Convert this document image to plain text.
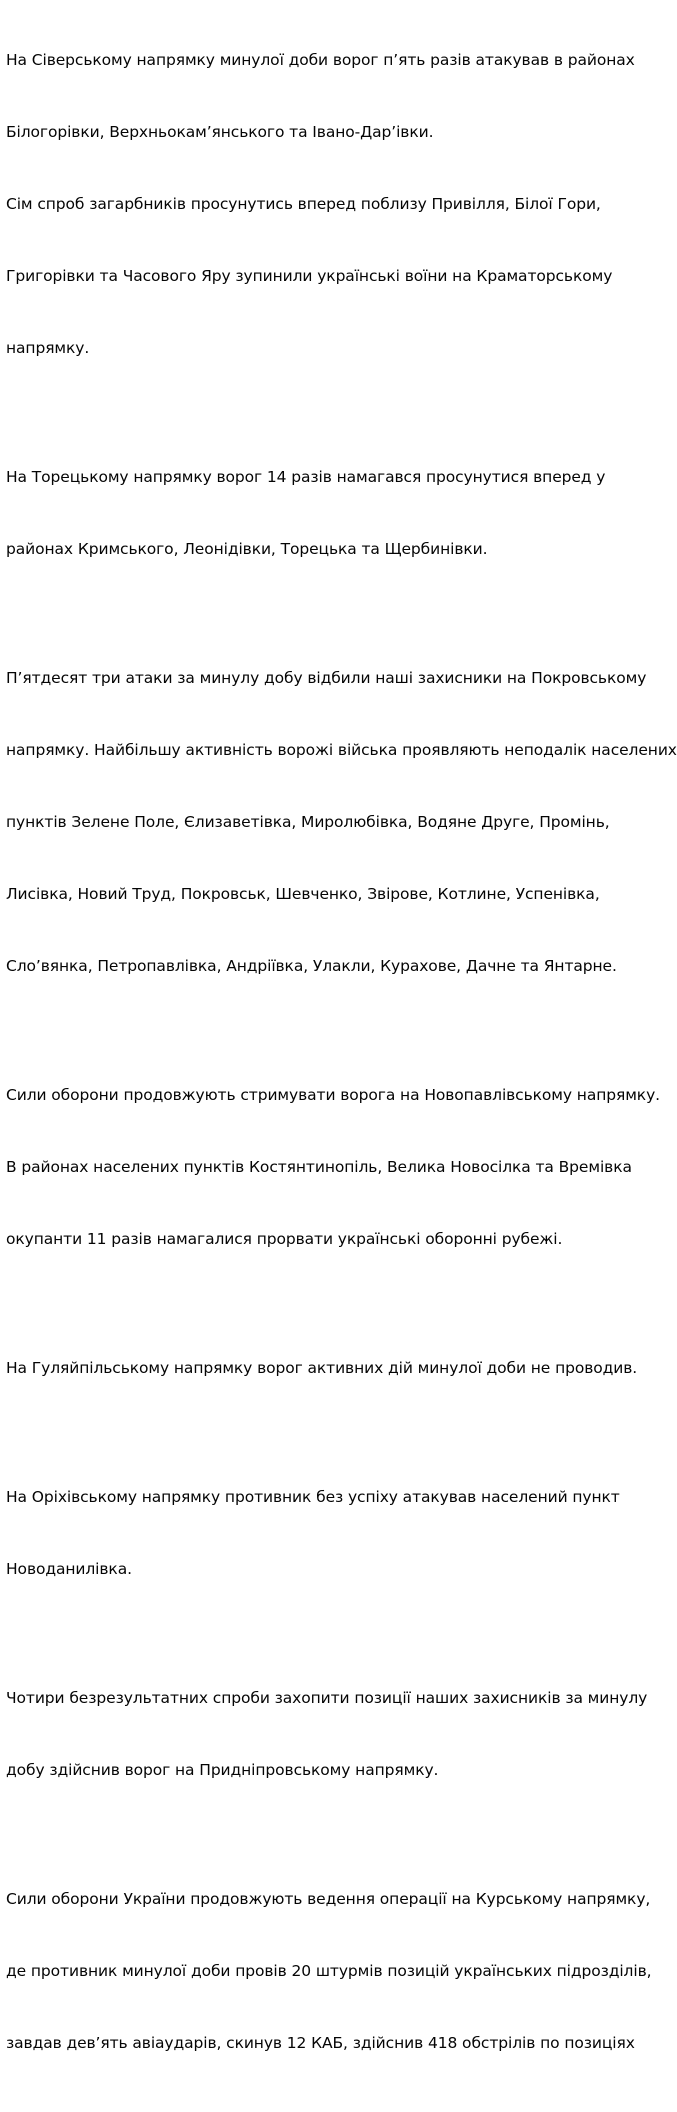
На Сіверському напрямку минулої доби ворог п’ять разів атакував в районах

Білогорівки, Верхньокам’янського та Івано-Дар’івки.

Сім спроб загарбників просунутись вперед поблизу Привілля, Білої Гори,

Григорівки та Часового Яру зупинили українські воїни на Краматорському

напрямку.

На Торецькому напрямку ворог 14 разів намагався просунутися вперед у

районах Кримського, Леонідівки, Торецька та Щербинівки.

П’ятдесят три атаки за минулу добу відбили наші захисники на Покровському

напрямку. Найбільшу активність ворожі війська проявляють неподалік населених

пунктів Зелене Поле, Єлизаветівка, Миролюбівка, Водяне Друге, Промінь,

Лисівка, Новий Труд, Покровськ, Шевченко, Звірове, Котлине, Успенівка,

Сло’вянка, Петропавлівка, Андріївка, Улакли, Курахове, Дачне та Янтарне.

Сили оборони продовжують стримувати ворога на Новопавлівському напрямку.

В районах населених пунктів Костянтинопіль, Велика Новосілка та Времівка

окупанти 11 разів намагалися прорвати українські оборонні рубежі.

На Гуляйпільському напрямку ворог активних дій минулої доби не проводив.

На Оріхівському напрямку противник без успіху атакував населений пункт

Новоданилівка.

Чотири безрезультатних спроби захопити позиції наших захисників за минулу

добу здійснив ворог на Придніпровському напрямку.

Сили оборони України продовжують ведення операції на Курському напрямку,

де противник минулої доби провів 20 штурмів позицій українських підрозділів,

завдав дев’ять авіаударів, скинув 12 КАБ, здійснив 418 обстрілів по позиціях
